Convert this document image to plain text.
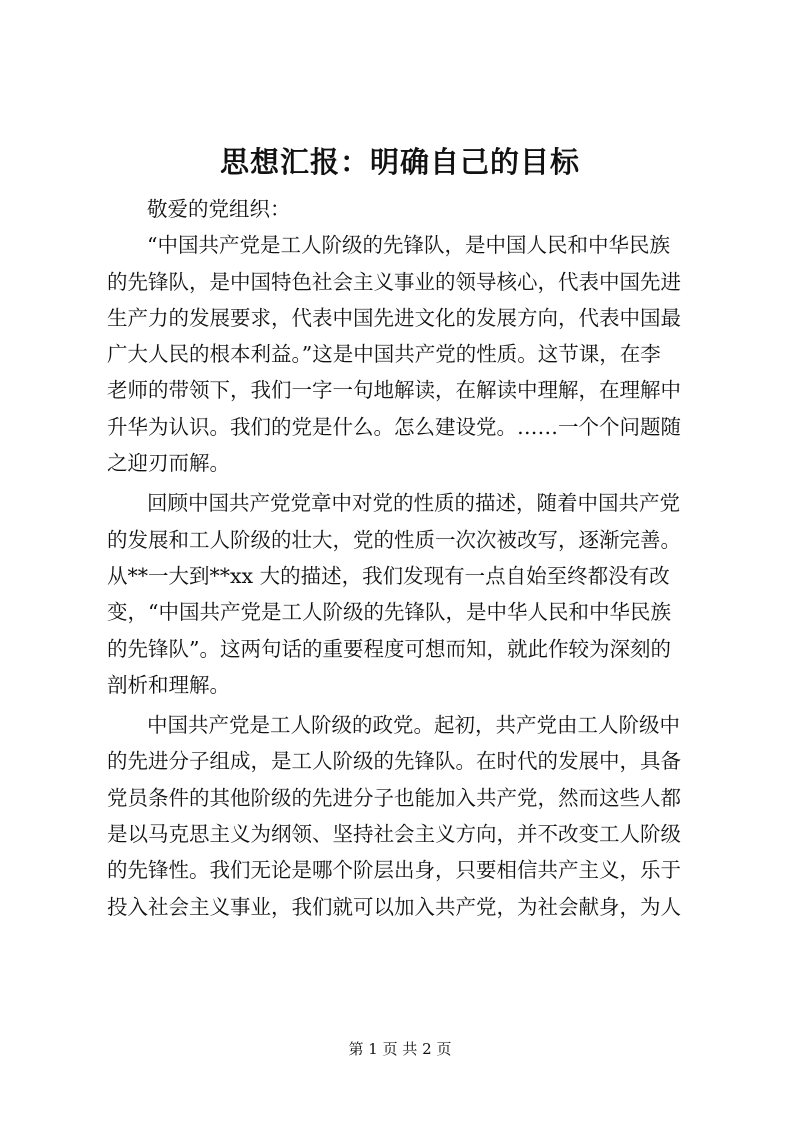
思想汇报：明确自己的目标
敬爱的党组织：
“中国共产党是工人阶级的先锋队，是中国人民和中华民族
的先锋队，是中国特色社会主义事业的领导核心，代表中国先进
生产力的发展要求，代表中国先进文化的发展方向，代表中国最
广大人民的根本利益。”这是中国共产党的性质。这节课，在李
老师的带领下，我们一字一句地解读，在解读中理解，在理解中
升华为认识。我们的党是什么。怎么建设党。……一个个问题随
之迎刃而解。
回顾中国共产党党章中对党的性质的描述，随着中国共产党
的发展和工人阶级的壮大，党的性质一次次被改写，逐渐完善。
从**一大到**xx 大的描述，我们发现有一点自始至终都没有改
变，“中国共产党是工人阶级的先锋队，是中华人民和中华民族
的先锋队”。这两句话的重要程度可想而知，就此作较为深刻的
剖析和理解。
中国共产党是工人阶级的政党。起初，共产党由工人阶级中
的先进分子组成，是工人阶级的先锋队。在时代的发展中，具备
党员条件的其他阶级的先进分子也能加入共产党，然而这些人都
是以马克思主义为纲领、坚持社会主义方向，并不改变工人阶级
的先锋性。我们无论是哪个阶层出身，只要相信共产主义，乐于
投入社会主义事业，我们就可以加入共产党，为社会献身，为人
第 1 页 共 2 页
